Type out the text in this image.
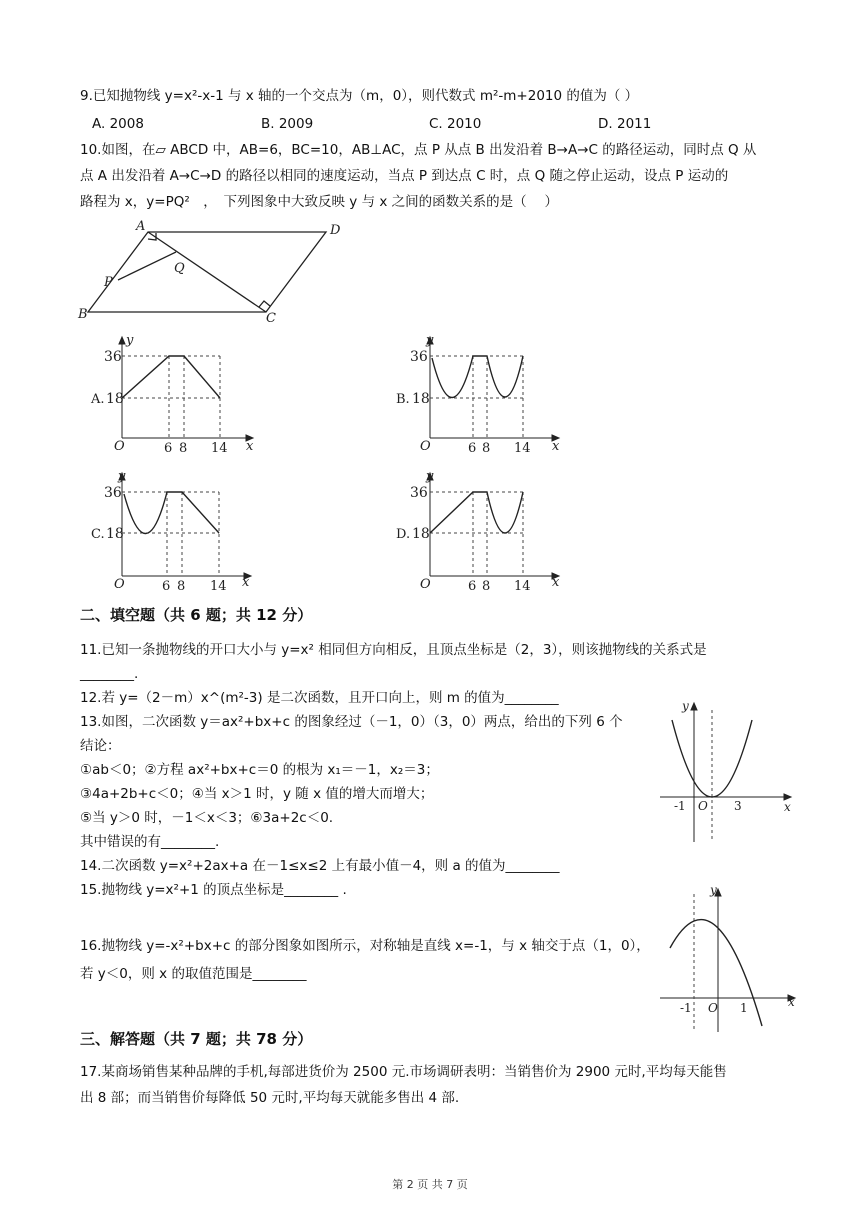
9.已知抛物线 y=x²-x-1 与 x 轴的一个交点为（m，0），则代数式 m²-m+2010 的值为（ ）
A. 2008	B. 2009	C. 2010	D. 2011
10.如图，在▱ ABCD 中，AB=6，BC=10，AB⊥AC，点 P 从点 B 出发沿着 B→A→C 的路径运动，同时点 Q 从
点 A 出发沿着 A→C→D 的路径以相同的速度运动，当点 P 到达点 C 时，点 Q 随之停止运动，设点 P 运动的
路程为 x，y=PQ²　，　下列图象中大致反映 y 与 x 之间的函数关系的是（　 ）
A	D
Q
P
B	C
y
x
O
36
18
A.
6 8 14
y
x
O
36
18
B.
6 8 14
y
x
O
36
18
C.
6 8 14
y
x
O
36
18
D.
6 8 14
二、填空题（共 6 题；共 12 分）
11.已知一条抛物线的开口大小与 y=x² 相同但方向相反，且顶点坐标是（2，3），则该抛物线的关系式是
________.
12.若 y=（2－m）x^(m²-3) 是二次函数，且开口向上，则 m 的值为________
13.如图，二次函数 y＝ax²+bx+c 的图象经过（－1，0）（3，0）两点，给出的下列 6 个
结论：
①ab＜0；②方程 ax²+bx+c＝0 的根为 x₁＝－1，x₂＝3；
③4a+2b+c＜0；④当 x＞1 时，y 随 x 值的增大而增大；
⑤当 y＞0 时，－1＜x＜3；⑥3a+2c＜0.
其中错误的有________.
14.二次函数 y=x²+2ax+a 在－1≤x≤2 上有最小值－4，则 a 的值为________
15.抛物线 y=x²+1 的顶点坐标是________ .
16.抛物线 y=-x²+bx+c 的部分图象如图所示，对称轴是直线 x=-1，与 x 轴交于点（1，0），
若 y＜0，则 x 的取值范围是________
y
x
-1 O 3
y
x
-1 O 1
三、解答题（共 7 题；共 78 分）
17.某商场销售某种品牌的手机,每部进货价为 2500 元.市场调研表明：当销售价为 2900 元时,平均每天能售
出 8 部；而当销售价每降低 50 元时,平均每天就能多售出 4 部.
第 2 页 共 7 页
